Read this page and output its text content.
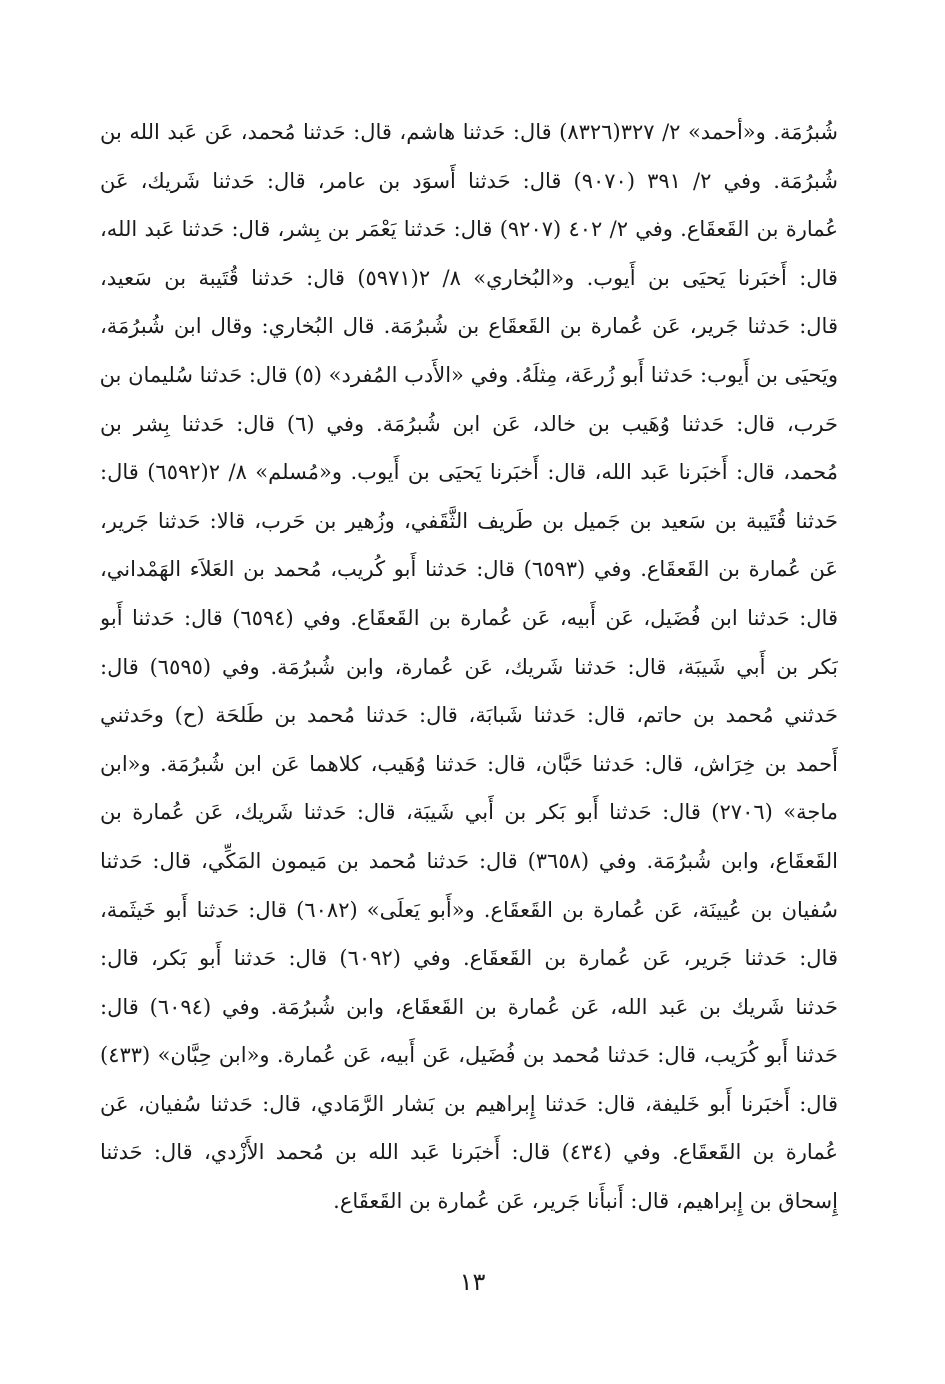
شُبرُمَة. و«أحمد» ٢/ ٣٢٧(٨٣٢٦) قال: حَدثنا هاشم، قال: حَدثنا مُحمد، عَن عَبد الله بن
شُبرُمَة. وفي ٢/ ٣٩١ (٩٠٧٠) قال: حَدثنا أَسوَد بن عامر، قال: حَدثنا شَريك، عَن
عُمارة بن القَعقَاع. وفي ٢/ ٤٠٢ (٩٢٠٧) قال: حَدثنا يَعْمَر بن بِشر، قال: حَدثنا عَبد الله،
قال: أَخبَرنا يَحيَى بن أَيوب. و«البُخاري» ٨/ ٢(٥٩٧١) قال: حَدثنا قُتَيبة بن سَعيد،
قال: حَدثنا جَرير، عَن عُمارة بن القَعقَاع بن شُبرُمَة. قال البُخاري: وقال ابن شُبرُمَة،
ويَحيَى بن أَيوب: حَدثنا أَبو زُرعَة، مِثلَهُ. وفي «الأَدب المُفرد» (٥) قال: حَدثنا سُليمان بن
حَرب، قال: حَدثنا وُهَيب بن خالد، عَن ابن شُبرُمَة. وفي (٦) قال: حَدثنا بِشر بن
مُحمد، قال: أَخبَرنا عَبد الله، قال: أَخبَرنا يَحيَى بن أَيوب. و«مُسلم» ٨/ ٢(٦٥٩٢) قال:
حَدثنا قُتَيبة بن سَعيد بن جَميل بن طَريف الثَّقَفي، وزُهير بن حَرب، قالا: حَدثنا جَرير،
عَن عُمارة بن القَعقَاع. وفي (٦٥٩٣) قال: حَدثنا أَبو كُريب، مُحمد بن العَلاَء الهَمْداني،
قال: حَدثنا ابن فُضَيل، عَن أَبيه، عَن عُمارة بن القَعقَاع. وفي (٦٥٩٤) قال: حَدثنا أَبو
بَكر بن أَبي شَيبَة، قال: حَدثنا شَريك، عَن عُمارة، وابن شُبرُمَة. وفي (٦٥٩٥) قال:
حَدثني مُحمد بن حاتم، قال: حَدثنا شَبابَة، قال: حَدثنا مُحمد بن طَلحَة (ح) وحَدثني
أَحمد بن خِرَاش، قال: حَدثنا حَبَّان، قال: حَدثنا وُهَيب، كلاهما عَن ابن شُبرُمَة. و«ابن
ماجة» (٢٧٠٦) قال: حَدثنا أَبو بَكر بن أَبي شَيبَة، قال: حَدثنا شَريك، عَن عُمارة بن
القَعقَاع، وابن شُبرُمَة. وفي (٣٦٥٨) قال: حَدثنا مُحمد بن مَيمون المَكِّي، قال: حَدثنا
سُفيان بن عُيينَة، عَن عُمارة بن القَعقَاع. و«أَبو يَعلَى» (٦٠٨٢) قال: حَدثنا أَبو خَيثَمة،
قال: حَدثنا جَرير، عَن عُمارة بن القَعقَاع. وفي (٦٠٩٢) قال: حَدثنا أَبو بَكر، قال:
حَدثنا شَريك بن عَبد الله، عَن عُمارة بن القَعقَاع، وابن شُبرُمَة. وفي (٦٠٩٤) قال:
حَدثنا أَبو كُرَيب، قال: حَدثنا مُحمد بن فُضَيل، عَن أَبيه، عَن عُمارة. و«ابن حِبَّان» (٤٣٣)
قال: أَخبَرنا أَبو خَليفة، قال: حَدثنا إِبراهيم بن بَشار الرَّمَادي، قال: حَدثنا سُفيان، عَن
عُمارة بن القَعقَاع. وفي (٤٣٤) قال: أَخبَرنا عَبد الله بن مُحمد الأَزْدي، قال: حَدثنا
إِسحاق بن إِبراهيم، قال: أَنبأَنا جَرير، عَن عُمارة بن القَعقَاع.
١٣
